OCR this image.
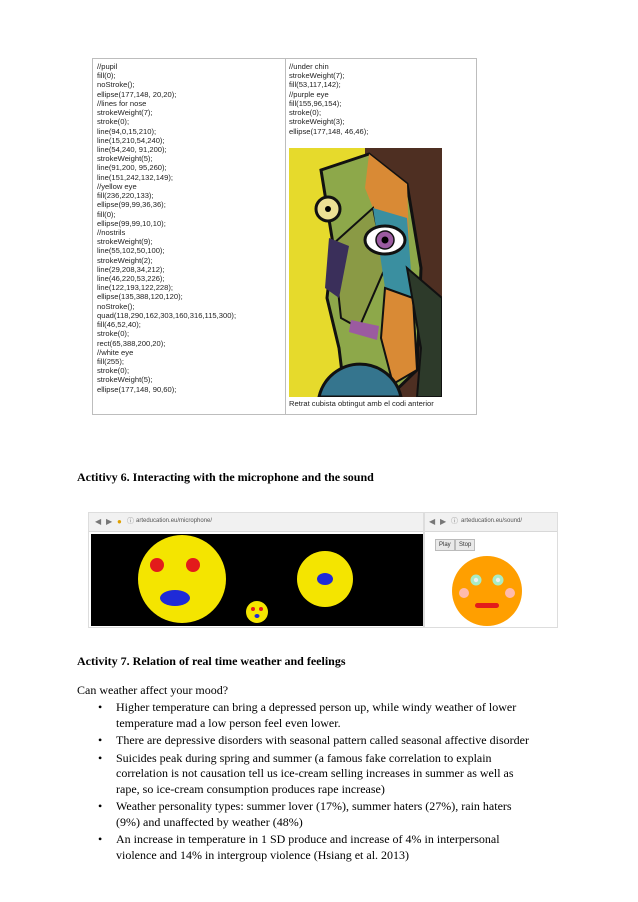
//pupil
fill(0);
noStroke();
ellipse(177,148, 20,20);
//lines for nose
strokeWeight(7);
stroke(0);
line(94,0,15,210);
line(15,210,54,240);
line(54,240, 91,200);
strokeWeight(5);
line(91,200, 95,260);
line(151,242,132,149);
//yellow eye
fill(236,220,133);
ellipse(99,99,36,36);
fill(0);
ellipse(99,99,10,10);
//nostrils
strokeWeight(9);
line(55,102,50,100);
strokeWeight(2);
line(29,208,34,212);
line(46,220,53,226);
line(122,193,122,228);
ellipse(135,388,120,120);
noStroke();
quad(118,290,162,303,160,316,115,300);
fill(46,52,40);
stroke(0);
rect(65,388,200,20);
//white eye
fill(255);
stroke(0);
strokeWeight(5);
ellipse(177,148, 90,60);
//under chin
strokeWeight(7);
fill(53,117,142);
//purple eye
fill(155,96,154);
stroke(0);
strokeWeight(3);
ellipse(177,148, 46,46);
Retrat cubista obtingut amb el codi anterior
Actitivy 6. Interacting with the microphone and the sound
◀ ▶ ● ⓘ arteducation.eu/microphone/	◀ ▶ ⓘ arteducation.eu/sound/
Play	Stop
Activity 7. Relation of real time weather and feelings
Can weather affect your mood?
• Higher temperature can bring a depressed person up, while windy weather of lower
temperature mad a low person feel even lower.
• There are depressive disorders with seasonal pattern called seasonal affective disorder
• Suicides peak during spring and summer (a famous fake correlation to explain
correlation is not causation tell us ice-cream selling increases in summer as well as
rape, so ice-cream consumption produces rape increase)
• Weather personality types: summer lover (17%), summer haters (27%), rain haters
(9%) and unaffected by weather (48%)
• An increase in temperature in 1 SD produce and increase of 4% in interpersonal
violence and 14% in intergroup violence (Hsiang et al. 2013)
